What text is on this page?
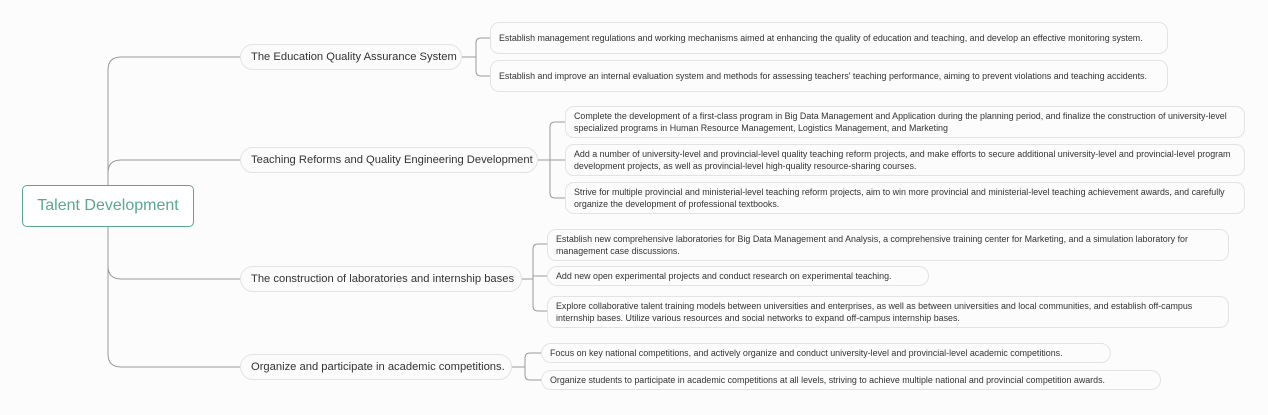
Talent Development
The Education Quality Assurance System
Establish management regulations and working mechanisms aimed at enhancing the quality of education and teaching, and develop an effective monitoring system.
Establish and improve an internal evaluation system and methods for assessing teachers' teaching performance, aiming to prevent violations and teaching accidents.
Teaching Reforms and Quality Engineering Development
Complete the development of a first-class program in Big Data Management and Application during the planning period, and finalize the construction of university-level specialized programs in Human Resource Management, Logistics Management, and Marketing
Add a number of university-level and provincial-level quality teaching reform projects, and make efforts to secure additional university-level and provincial-level program development projects, as well as provincial-level high-quality resource-sharing courses.
Strive for multiple provincial and ministerial-level teaching reform projects, aim to win more provincial and ministerial-level teaching achievement awards, and carefully organize the development of professional textbooks.
The construction of laboratories and internship bases
Establish new comprehensive laboratories for Big Data Management and Analysis, a comprehensive training center for Marketing, and a simulation laboratory for management case discussions.
Add new open experimental projects and conduct research on experimental teaching.
Explore collaborative talent training models between universities and enterprises, as well as between universities and local communities, and establish off-campus internship bases. Utilize various resources and social networks to expand off-campus internship bases.
Organize and participate in academic competitions.
Focus on key national competitions, and actively organize and conduct university-level and provincial-level academic competitions.
Organize students to participate in academic competitions at all levels, striving to achieve multiple national and provincial competition awards.
